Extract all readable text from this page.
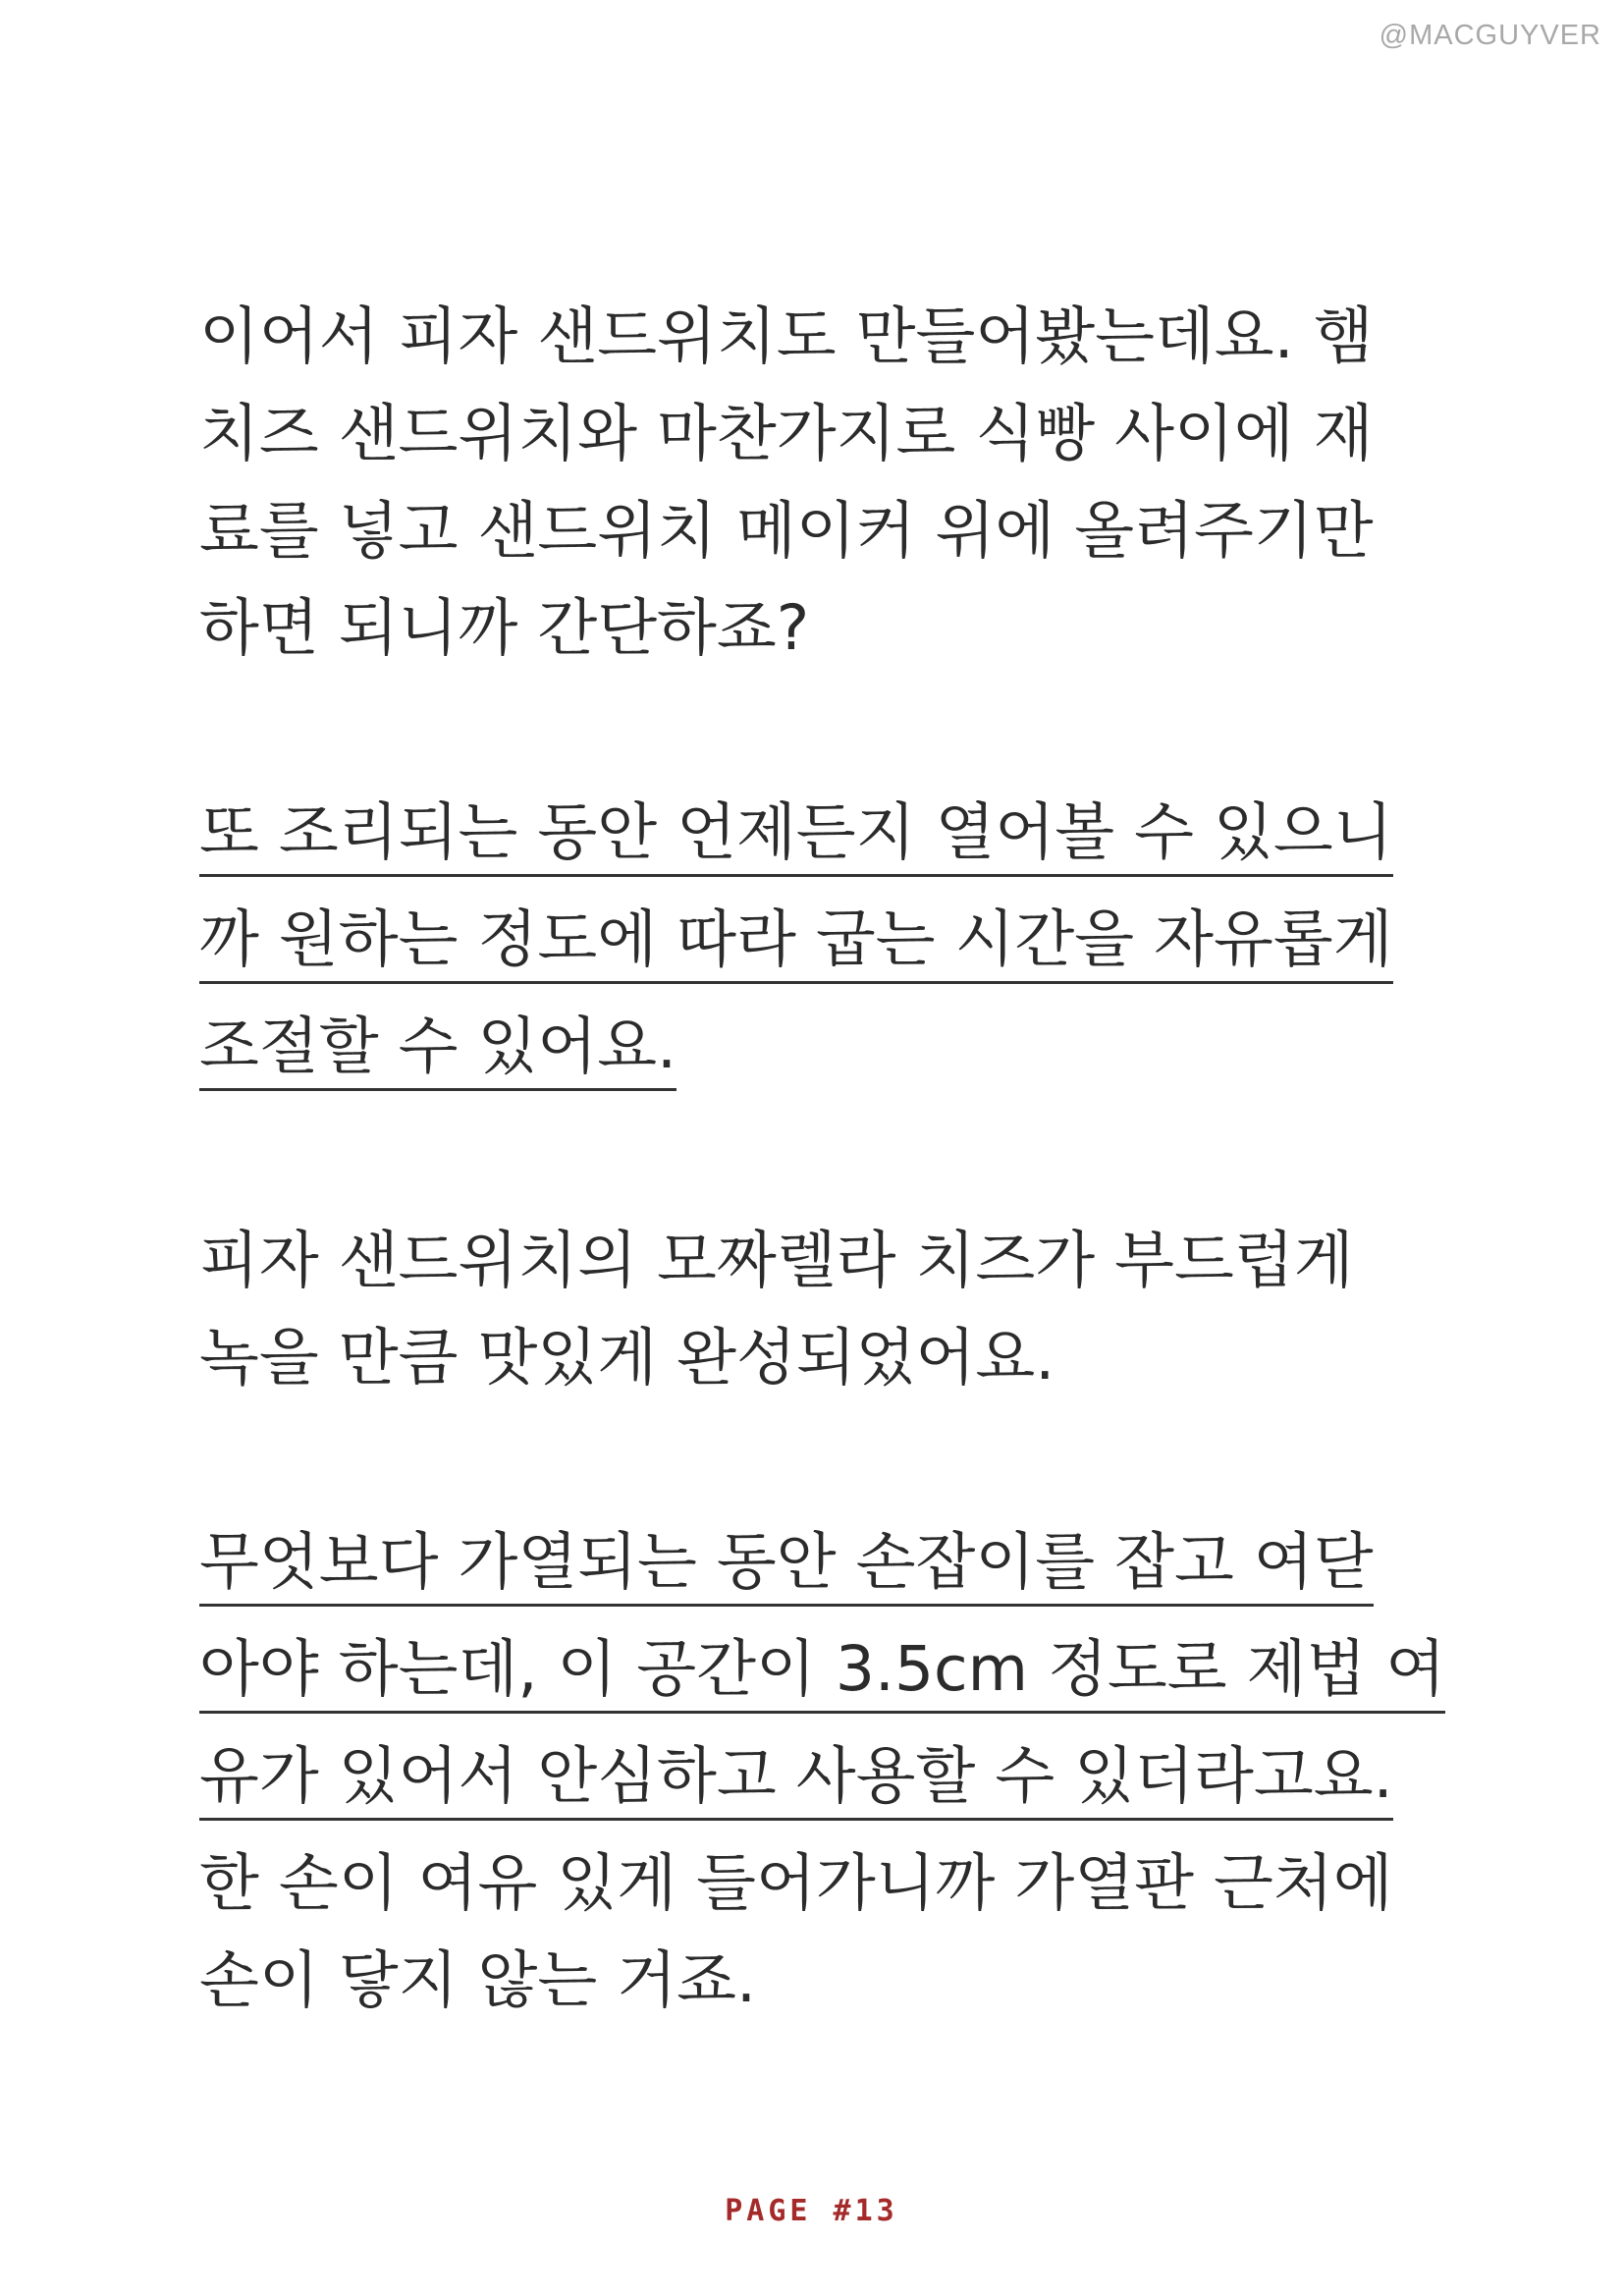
@MACGUYVER
이어서 피자 샌드위치도 만들어봤는데요. 햄
치즈 샌드위치와 마찬가지로 식빵 사이에 재
료를 넣고 샌드위치 메이커 위에 올려주기만
하면 되니까 간단하죠?
또 조리되는 동안 언제든지 열어볼 수 있으니
까 원하는 정도에 따라 굽는 시간을 자유롭게
조절할 수 있어요.
피자 샌드위치의 모짜렐라 치즈가 부드럽게
녹을 만큼 맛있게 완성되었어요.
무엇보다 가열되는 동안 손잡이를 잡고 여닫
아야 하는데, 이 공간이 3.5cm 정도로 제법 여
유가 있어서 안심하고 사용할 수 있더라고요.
한 손이 여유 있게 들어가니까 가열판 근처에
손이 닿지 않는 거죠.
PAGE #13
